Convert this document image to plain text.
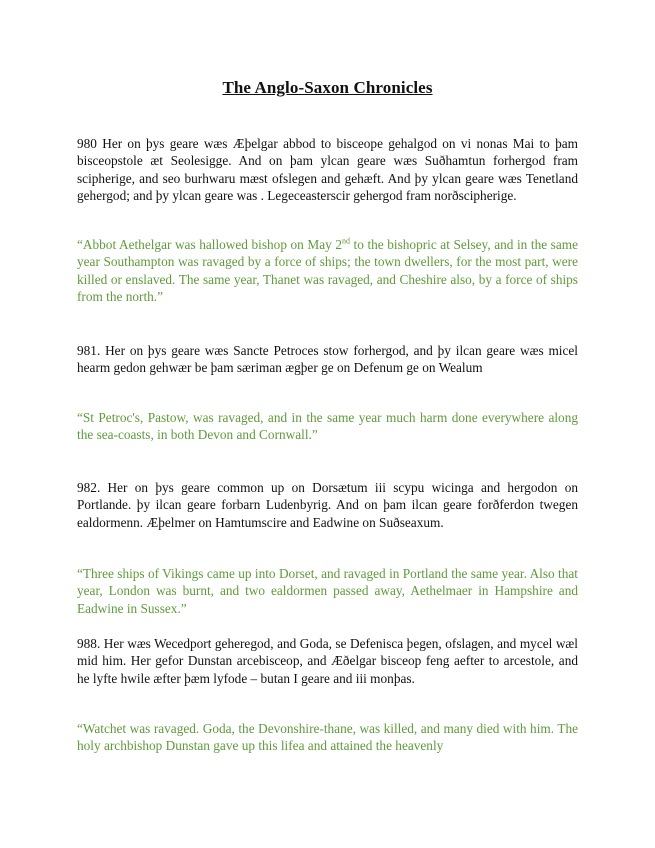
The Anglo-Saxon Chronicles

980 Her on þys geare wæs Æþelgar abbod to bisceope gehalgod on vi nonas Mai to þam bisceopstole æt Seolesigge. And on þam ylcan geare wæs Suðhamtun forhergod fram scipherige, and seo burhwaru mæst ofslegen and gehæft. And þy ylcan geare wæs Tenetland gehergod; and þy ylcan geare was . Legeceasterscir gehergod fram norðscipherige.

“Abbot Aethelgar was hallowed bishop on May 2nd to the bishopric at Selsey, and in the same year Southampton was ravaged by a force of ships; the town dwellers, for the most part, were killed or enslaved. The same year, Thanet was ravaged, and Cheshire also, by a force of ships from the north.”

981. Her on þys geare wæs Sancte Petroces stow forhergod, and þy ilcan geare wæs micel hearm gedon gehwær be þam særiman ægþer ge on Defenum ge on Wealum

“St Petroc's, Pastow, was ravaged, and in the same year much harm done everywhere along the sea-coasts, in both Devon and Cornwall.”

982. Her on þys geare common up on Dorsætum iii scypu wicinga and hergodon on Portlande. þy ilcan geare forbarn Ludenbyrig. And on þam ilcan geare forðferdon twegen ealdormenn. Æþelmer on Hamtumscire and Eadwine on Suðseaxum.

“Three ships of Vikings came up into Dorset, and ravaged in Portland the same year. Also that year, London was burnt, and two ealdormen passed away, Aethelmaer in Hampshire and Eadwine in Sussex.”

988. Her wæs Wecedport geheregod, and Goda, se Defenisca þegen, ofslagen, and mycel wæl mid him. Her gefor Dunstan arcebisceop, and Æðelgar bisceop feng aefter to arcestole, and he lyfte hwile æfter þæm lyfode – butan I geare and iii monþas.

“Watchet was ravaged. Goda, the Devonshire-thane, was killed, and many died with him. The holy archbishop Dunstan gave up this lifea and attained the heavenly
